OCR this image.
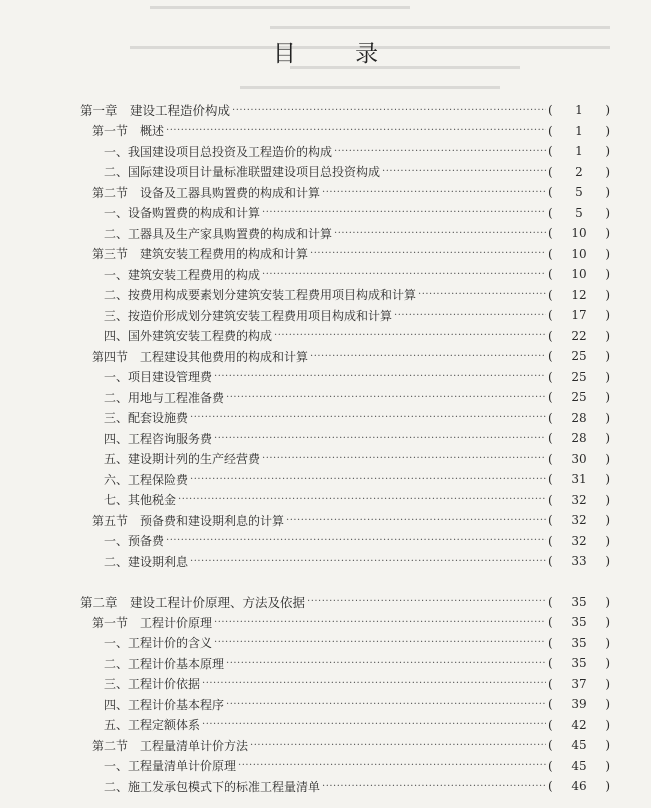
目 录
第一章　建设工程造价构成 ·····	(	1	)
第一节　概述 ·····	(	1	)
一、我国建设项目总投资及工程造价的构成 ·····	(	1	)
二、国际建设项目计量标准联盟建设项目总投资构成 ·····	(	2	)
第二节　设备及工器具购置费的构成和计算 ·····	(	5	)
一、设备购置费的构成和计算 ·····	(	5	)
二、工器具及生产家具购置费的构成和计算 ·····	(	10	)
第三节　建筑安装工程费用的构成和计算 ·····	(	10	)
一、建筑安装工程费用的构成 ·····	(	10	)
二、按费用构成要素划分建筑安装工程费用项目构成和计算 ·····	(	12	)
三、按造价形成划分建筑安装工程费用项目构成和计算 ·····	(	17	)
四、国外建筑安装工程费的构成 ·····	(	22	)
第四节　工程建设其他费用的构成和计算 ·····	(	25	)
一、项目建设管理费 ·····	(	25	)
二、用地与工程准备费 ·····	(	25	)
三、配套设施费 ·····	(	28	)
四、工程咨询服务费 ·····	(	28	)
五、建设期计列的生产经营费 ·····	(	30	)
六、工程保险费 ·····	(	31	)
七、其他税金 ·····	(	32	)
第五节　预备费和建设期利息的计算 ·····	(	32	)
一、预备费 ·····	(	32	)
二、建设期利息 ·····	(	33	)
第二章　建设工程计价原理、方法及依据 ·····	(	35	)
第一节　工程计价原理 ·····	(	35	)
一、工程计价的含义 ·····	(	35	)
二、工程计价基本原理 ·····	(	35	)
三、工程计价依据 ·····	(	37	)
四、工程计价基本程序 ·····	(	39	)
五、工程定额体系 ·····	(	42	)
第二节　工程量清单计价方法 ·····	(	45	)
一、工程量清单计价原理 ·····	(	45	)
二、施工发承包模式下的标准工程量清单 ·····	(	46	)
